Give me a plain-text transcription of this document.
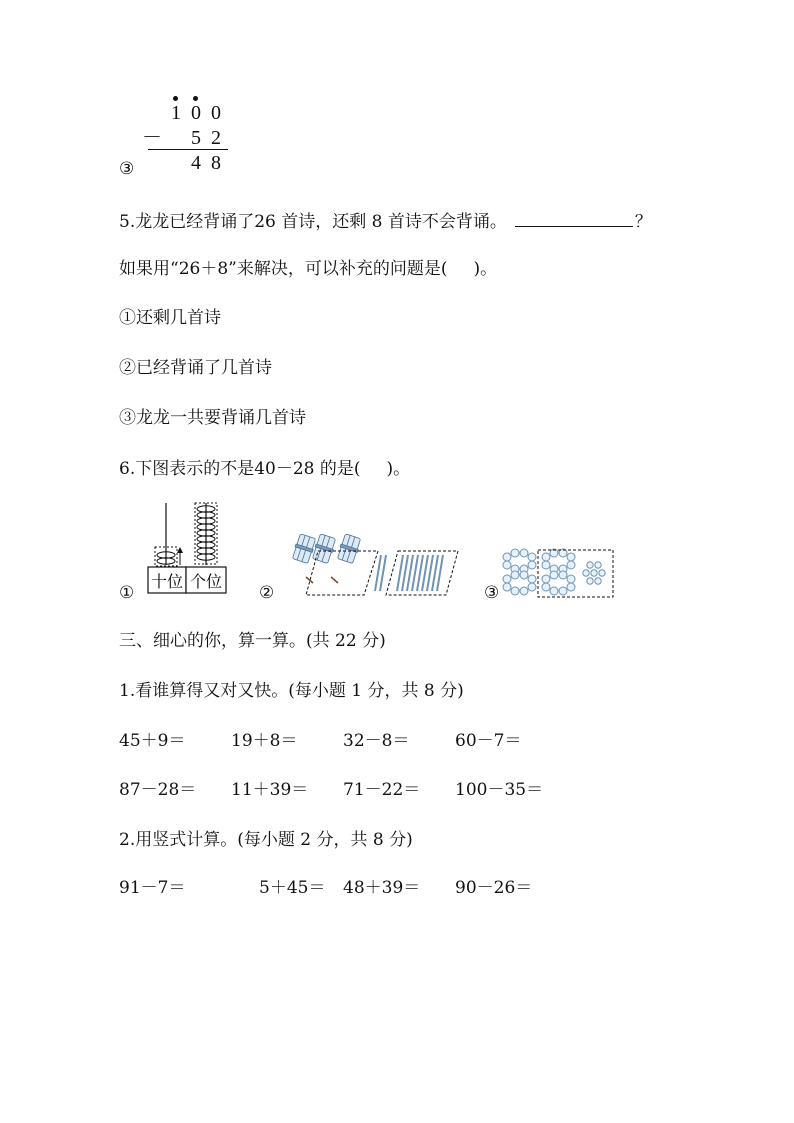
1 0 0
－ 5 2
4 8
③
5.龙龙已经背诵了26 首诗，还剩 8 首诗不会背诵。	？
如果用“26＋8”来解决，可以补充的问题是( )。
①还剩几首诗
②已经背诵了几首诗
③龙龙一共要背诵几首诗
6.下图表示的不是40－28 的是( )。
十位 个位
①	②	③
三、细心的你，算一算。(共 22 分)
1.看谁算得又对又快。(每小题 1 分，共 8 分)
45＋9＝	19＋8＝	32－8＝	60－7＝
87－28＝ 11＋39＝ 71－22＝ 100－35＝
2.用竖式计算。(每小题 2 分，共 8 分)
91－7＝	5＋45＝ 48＋39＝ 90－26＝
